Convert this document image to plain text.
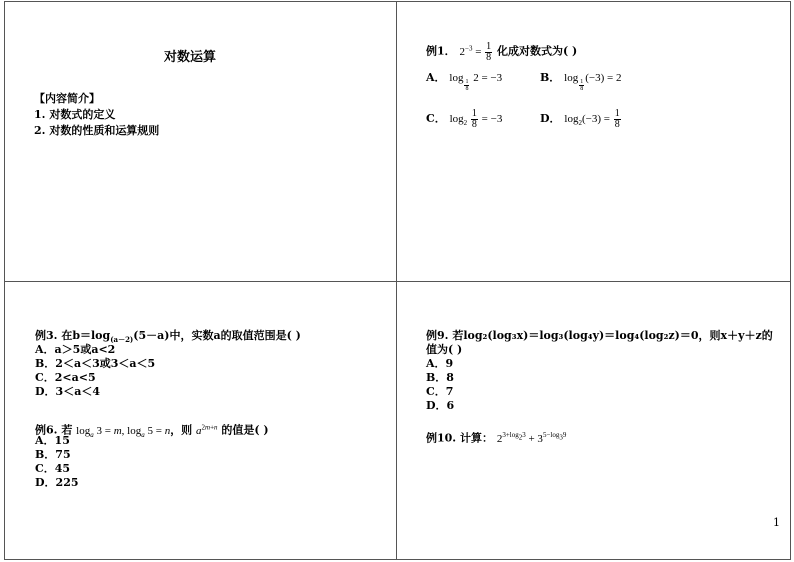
对数运算
【内容简介】
1. 对数式的定义
2. 对数的性质和运算规则
例1． $2^{-3} = \frac{1}{8}$ 化成对数式为( )
A． log
$_{\frac{1}{8}}$
2 = −3	B． log
$_{\frac{1}{8}}$
(−3) = 2
C． $\log_2 \frac{1}{8} = -3$	D． $\log_2(-3) = \frac{1}{8}$
例3. 在$b=\log_{(a-2)}(5-a)$中，实数a的取值范围是( )
A．a＞5或a<2
B．2＜a＜3或3＜a＜5
C．2<a<5
D．3＜a＜4
例6. 若 $\log_a 3 = m$, $\log_a 5 = n$，则 $a^{2m+n}$ 的值是( )
A．15
B．75
C．45
D．225
例9. 若log₂(log₃x)＝log₃(log₄y)＝log₄(log₂z)＝0，则x＋y＋z的
值为( )
A．9
B．8
C．7
D．6
例10. 计算： $2^{3+log_23} + 3^{5-log_39}$
1
